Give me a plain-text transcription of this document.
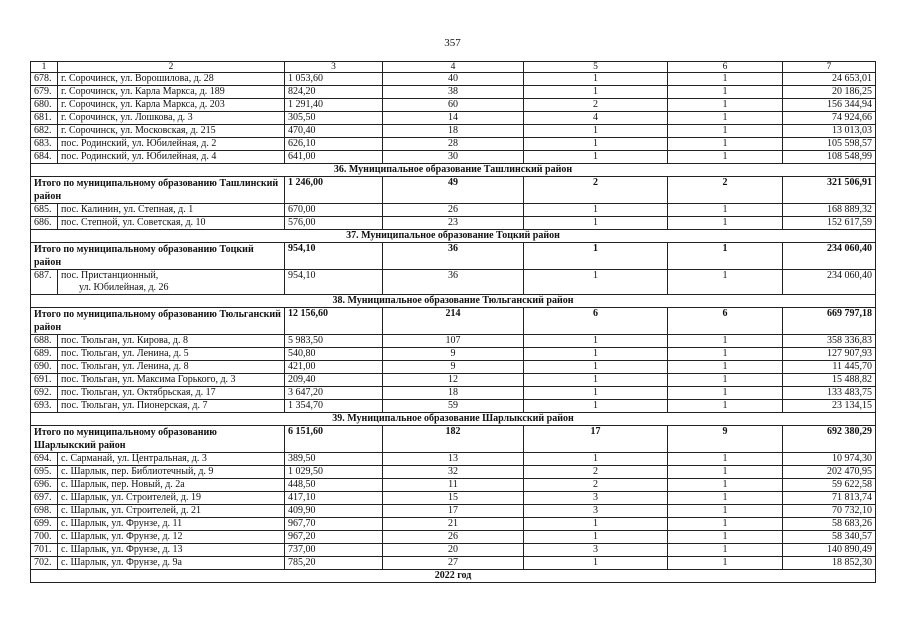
357
1	2	3	4	5	6	7
678.	г. Сорочинск, ул. Ворошилова, д. 28	1 053,60	40	1	1	24 653,01
679.	г. Сорочинск, ул. Карла Маркса, д. 189	824,20	38	1	1	20 186,25
680.	г. Сорочинск, ул. Карла Маркса, д. 203	1 291,40	60	2	1	156 344,94
681.	г. Сорочинск, ул. Лошкова, д. 3	305,50	14	4	1	74 924,66
682.	г. Сорочинск, ул. Московская, д. 215	470,40	18	1	1	13 013,03
683.	пос. Родинский, ул. Юбилейная, д. 2	626,10	28	1	1	105 598,57
684.	пос. Родинский, ул. Юбилейная, д. 4	641,00	30	1	1	108 548,99
36. Муниципальное образование Ташлинский район						
Итого по муниципальному образованию Ташлинский район		1 246,00	49	2	2	321 506,91
685.	пос. Калинин, ул. Степная, д. 1	670,00	26	1	1	168 889,32
686.	пос. Степной, ул. Советская, д. 10	576,00	23	1	1	152 617,59
37. Муниципальное образование Тоцкий район						
Итого по муниципальному образованию Тоцкий район		954,10	36	1	1	234 060,40
687.	пос. Пристанционный,
ул. Юбилейная, д. 26	954,10	36	1	1	234 060,40
38. Муниципальное образование Тюльганский район						
Итого по муниципальному образованию Тюльганский район		12 156,60	214	6	6	669 797,18
688.	пос. Тюльган, ул. Кирова, д. 8	5 983,50	107	1	1	358 336,83
689.	пос. Тюльган, ул. Ленина, д. 5	540,80	9	1	1	127 907,93
690.	пос. Тюльган, ул. Ленина, д. 8	421,00	9	1	1	11 445,70
691.	пос. Тюльган, ул. Максима Горького, д. 3	209,40	12	1	1	15 488,82
692.	пос. Тюльган, ул. Октябрьская, д. 17	3 647,20	18	1	1	133 483,75
693.	пос. Тюльган, ул. Пионерская, д. 7	1 354,70	59	1	1	23 134,15
39. Муниципальное образование Шарлыкский район						
Итого по муниципальному образованию Шарлыкский район		6 151,60	182	17	9	692 380,29
694.	с. Сарманай, ул. Центральная, д. 3	389,50	13	1	1	10 974,30
695.	с. Шарлык, пер. Библиотечный, д. 9	1 029,50	32	2	1	202 470,95
696.	с. Шарлык, пер. Новый, д. 2а	448,50	11	2	1	59 622,58
697.	с. Шарлык, ул. Строителей, д. 19	417,10	15	3	1	71 813,74
698.	с. Шарлык, ул. Строителей, д. 21	409,90	17	3	1	70 732,10
699.	с. Шарлык, ул. Фрунзе, д. 11	967,70	21	1	1	58 683,26
700.	с. Шарлык, ул. Фрунзе, д. 12	967,20	26	1	1	58 340,57
701.	с. Шарлык, ул. Фрунзе, д. 13	737,00	20	3	1	140 890,49
702.	с. Шарлык, ул. Фрунзе, д. 9а	785,20	27	1	1	18 852,30
2022 год						
